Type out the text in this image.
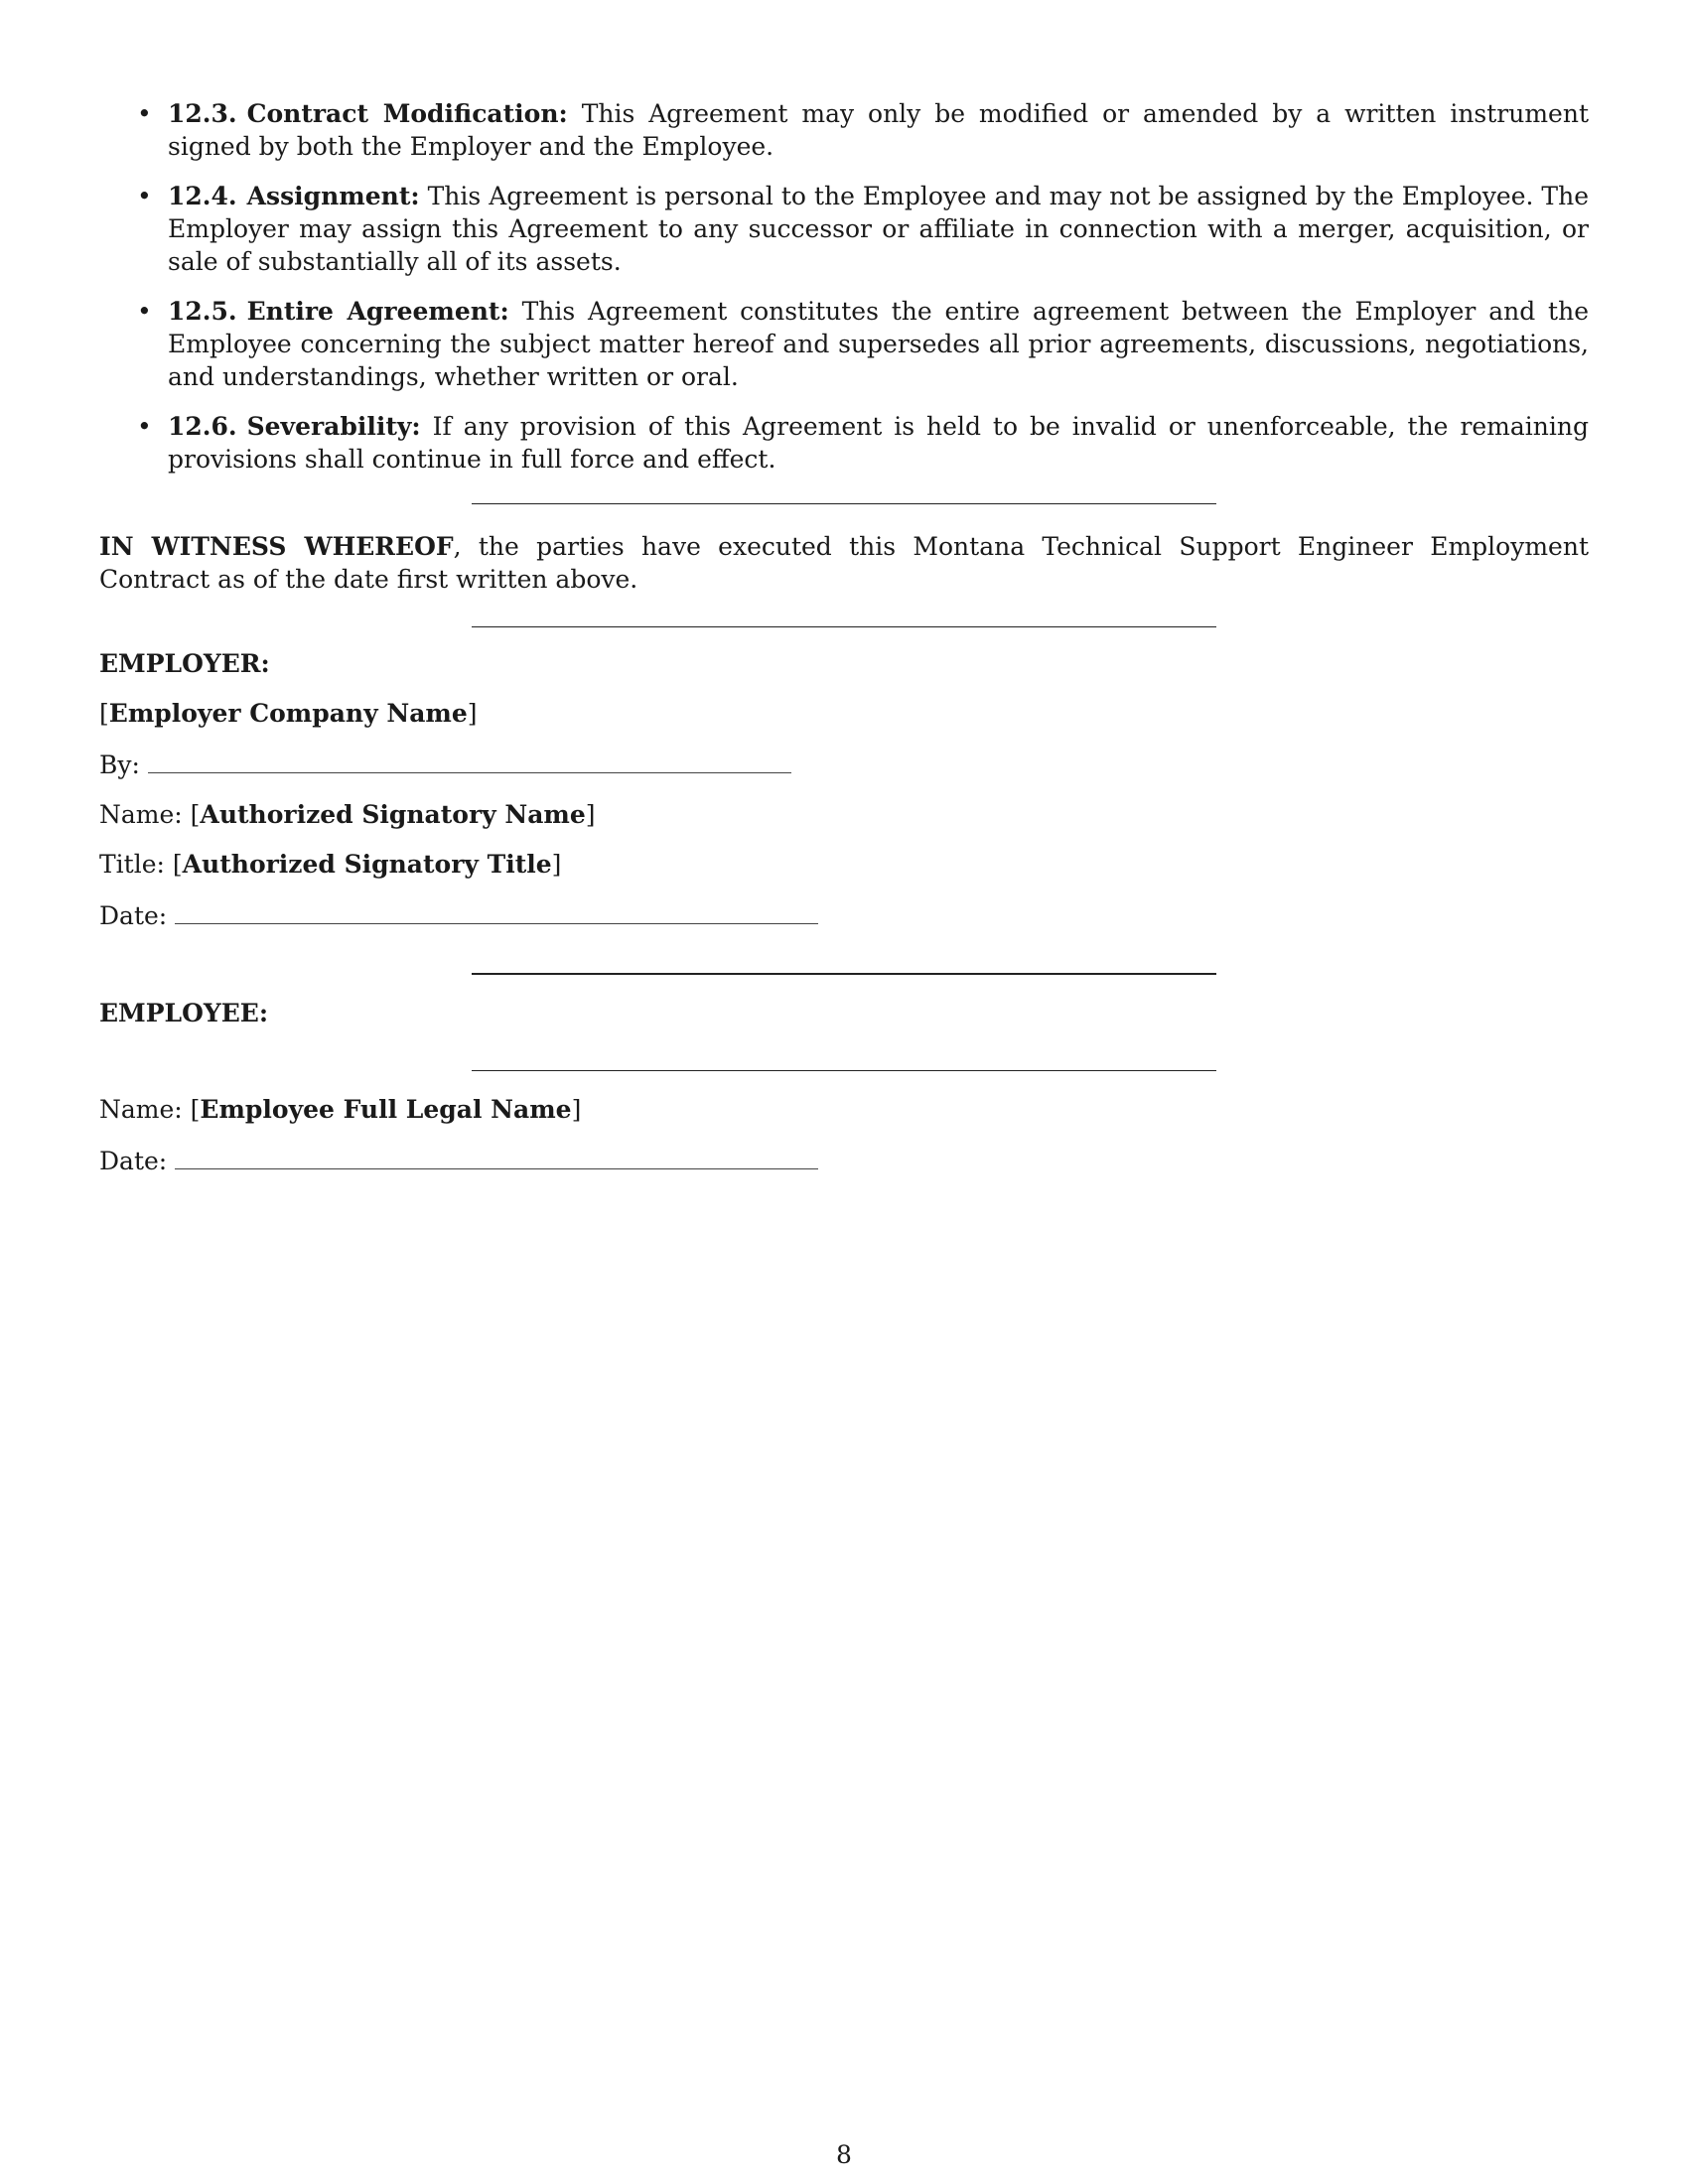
• 12.3. Contract Modification: This Agreement may only be modified or amended by a written instrument signed by both the Employer and the Employee.
• 12.4. Assignment: This Agreement is personal to the Employee and may not be assigned by the Employee. The Employer may assign this Agreement to any successor or affiliate in connection with a merger, acquisition, or sale of substantially all of its assets.
• 12.5. Entire Agreement: This Agreement constitutes the entire agreement between the Employer and the Employee concerning the subject matter hereof and supersedes all prior agreements, discussions, negotiations, and understandings, whether written or oral.
• 12.6. Severability: If any provision of this Agreement is held to be invalid or unenforceable, the remaining provisions shall continue in full force and effect.

IN WITNESS WHEREOF, the parties have executed this Montana Technical Support Engineer Employment Contract as of the date first written above.

EMPLOYER:
[Employer Company Name]
By:
Name: [Authorized Signatory Name]
Title: [Authorized Signatory Title]
Date:
EMPLOYEE:
Name: [Employee Full Legal Name]
Date:
8
